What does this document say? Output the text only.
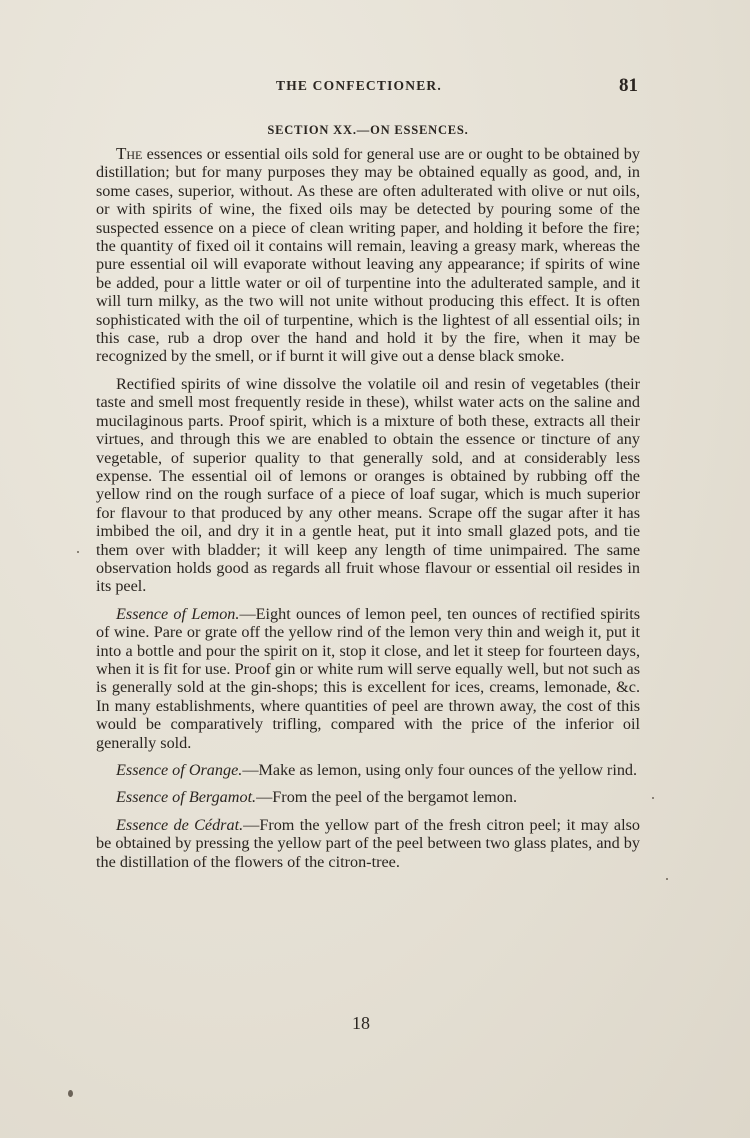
THE CONFECTIONER.	81
SECTION XX.—ON ESSENCES.

The essences or essential oils sold for general use are or ought to be obtained by distillation; but for many purposes they may be obtained equally as good, and, in some cases, superior, without. As these are often adulterated with olive or nut oils, or with spirits of wine, the fixed oils may be detected by pouring some of the suspected essence on a piece of clean writing paper, and holding it before the fire; the quantity of fixed oil it contains will remain, leaving a greasy mark, whereas the pure essential oil will evaporate without leaving any appearance; if spirits of wine be added, pour a little water or oil of turpentine into the adulterated sample, and it will turn milky, as the two will not unite without producing this effect. It is often sophisticated with the oil of turpentine, which is the lightest of all essential oils; in this case, rub a drop over the hand and hold it by the fire, when it may be recognized by the smell, or if burnt it will give out a dense black smoke.

Rectified spirits of wine dissolve the volatile oil and resin of vegetables (their taste and smell most frequently reside in these), whilst water acts on the saline and mucilaginous parts. Proof spirit, which is a mixture of both these, extracts all their virtues, and through this we are enabled to obtain the essence or tincture of any vegetable, of superior quality to that generally sold, and at considerably less expense. The essential oil of lemons or oranges is obtained by rubbing off the yellow rind on the rough surface of a piece of loaf sugar, which is much superior for flavour to that produced by any other means. Scrape off the sugar after it has imbibed the oil, and dry it in a gentle heat, put it into small glazed pots, and tie them over with bladder; it will keep any length of time unimpaired. The same observation holds good as regards all fruit whose flavour or essential oil resides in its peel.

Essence of Lemon.—Eight ounces of lemon peel, ten ounces of rectified spirits of wine. Pare or grate off the yellow rind of the lemon very thin and weigh it, put it into a bottle and pour the spirit on it, stop it close, and let it steep for fourteen days, when it is fit for use. Proof gin or white rum will serve equally well, but not such as is generally sold at the gin-shops; this is excellent for ices, creams, lemonade, &c. In many establishments, where quantities of peel are thrown away, the cost of this would be comparatively trifling, compared with the price of the inferior oil generally sold.

Essence of Orange.—Make as lemon, using only four ounces of the yellow rind.

Essence of Bergamot.—From the peel of the bergamot lemon.

Essence de Cédrat.—From the yellow part of the fresh citron peel; it may also be obtained by pressing the yellow part of the peel between two glass plates, and by the distillation of the flowers of the citron-tree.

18
